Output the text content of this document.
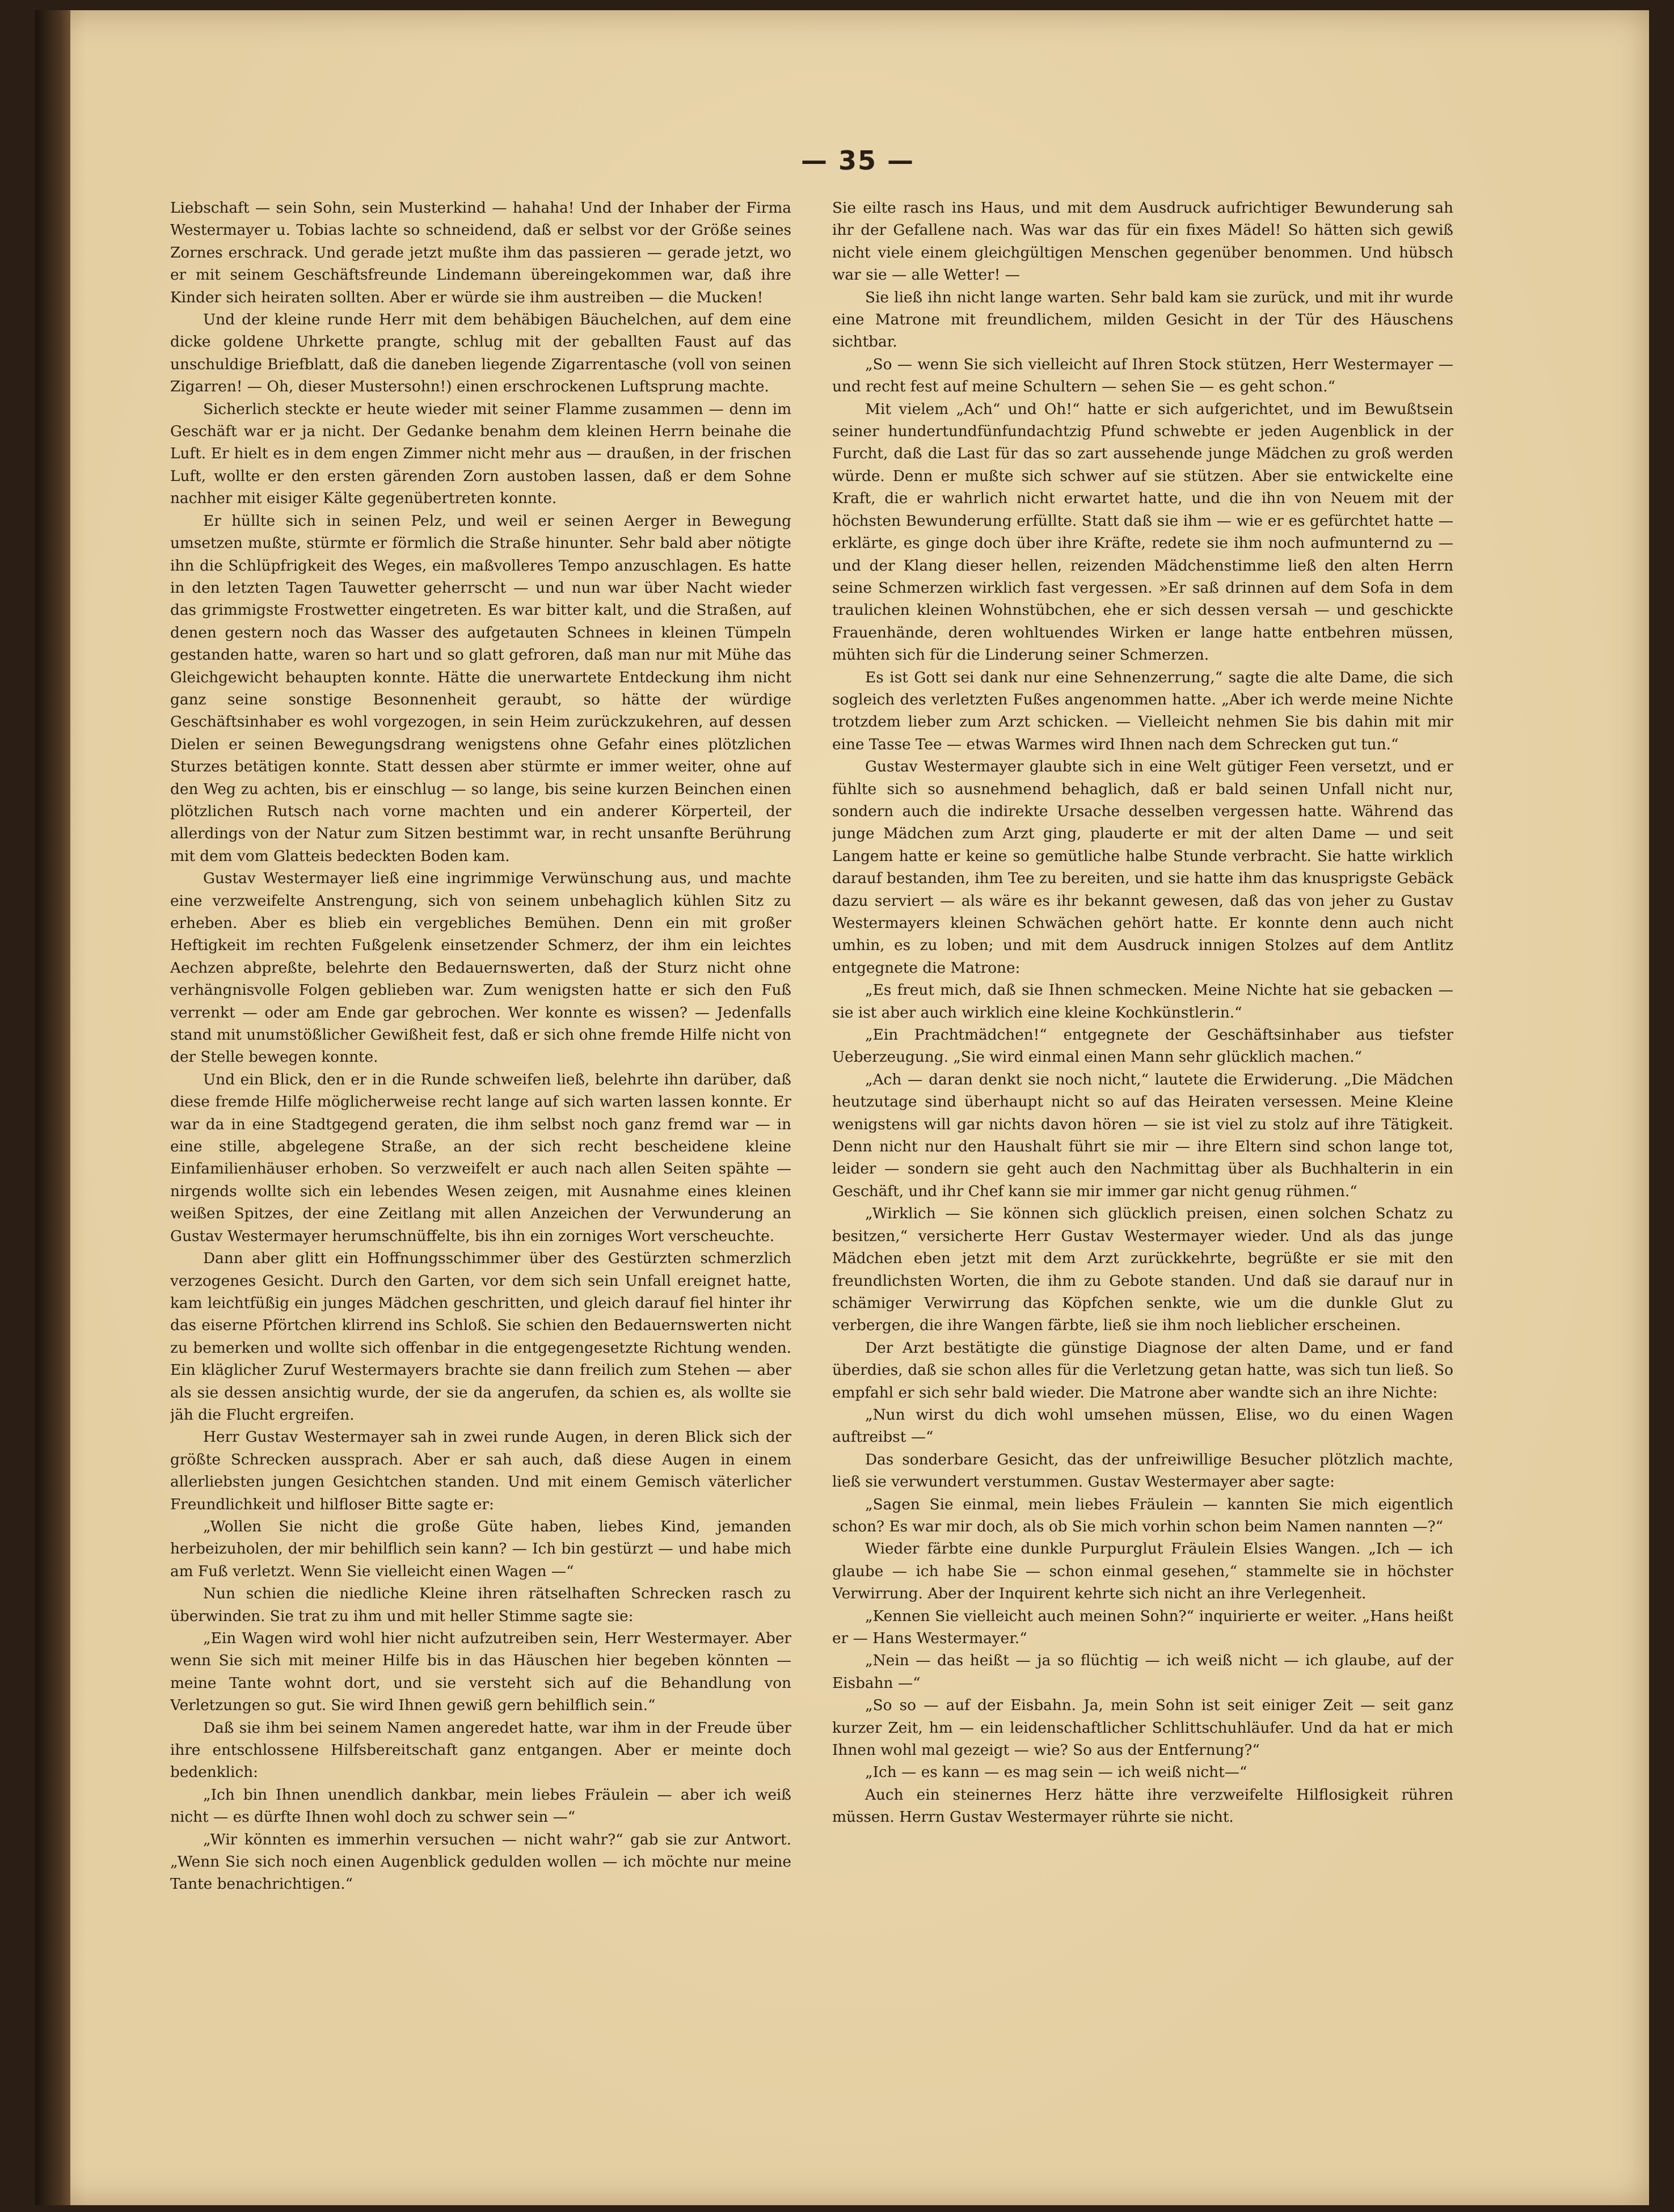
— 35 —

Liebschaft — sein Sohn, sein Musterkind — hahaha! Und der Inhaber der Firma Westermayer u. Tobias lachte so schneidend, daß er selbst vor der Größe seines Zornes erschrack. Und gerade jetzt mußte ihm das passieren — gerade jetzt, wo er mit seinem Geschäftsfreunde Lindemann übereingekommen war, daß ihre Kinder sich heiraten sollten. Aber er würde sie ihm austreiben — die Mucken!

Und der kleine runde Herr mit dem behäbigen Bäuchelchen, auf dem eine dicke goldene Uhrkette prangte, schlug mit der geballten Faust auf das unschuldige Briefblatt, daß die daneben liegende Zigarrentasche (voll von seinen Zigarren! — Oh, dieser Mustersohn!) einen erschrockenen Luftsprung machte.

Sicherlich steckte er heute wieder mit seiner Flamme zusammen — denn im Geschäft war er ja nicht. Der Gedanke benahm dem kleinen Herrn beinahe die Luft. Er hielt es in dem engen Zimmer nicht mehr aus — draußen, in der frischen Luft, wollte er den ersten gärenden Zorn austoben lassen, daß er dem Sohne nachher mit eisiger Kälte gegenübertreten konnte.

Er hüllte sich in seinen Pelz, und weil er seinen Aerger in Bewegung umsetzen mußte, stürmte er förmlich die Straße hinunter. Sehr bald aber nötigte ihn die Schlüpfrigkeit des Weges, ein maßvolleres Tempo anzuschlagen. Es hatte in den letzten Tagen Tauwetter geherrscht — und nun war über Nacht wieder das grimmigste Frostwetter eingetreten. Es war bitter kalt, und die Straßen, auf denen gestern noch das Wasser des aufgetauten Schnees in kleinen Tümpeln gestanden hatte, waren so hart und so glatt gefroren, daß man nur mit Mühe das Gleichgewicht behaupten konnte. Hätte die unerwartete Entdeckung ihm nicht ganz seine sonstige Besonnenheit geraubt, so hätte der würdige Geschäftsinhaber es wohl vorgezogen, in sein Heim zurückzukehren, auf dessen Dielen er seinen Bewegungsdrang wenigstens ohne Gefahr eines plötzlichen Sturzes betätigen konnte. Statt dessen aber stürmte er immer weiter, ohne auf den Weg zu achten, bis er einschlug — so lange, bis seine kurzen Beinchen einen plötzlichen Rutsch nach vorne machten und ein anderer Körperteil, der allerdings von der Natur zum Sitzen bestimmt war, in recht unsanfte Berührung mit dem vom Glatteis bedeckten Boden kam.

Gustav Westermayer ließ eine ingrimmige Verwünschung aus, und machte eine verzweifelte Anstrengung, sich von seinem unbehaglich kühlen Sitz zu erheben. Aber es blieb ein vergebliches Bemühen. Denn ein mit großer Heftigkeit im rechten Fußgelenk einsetzender Schmerz, der ihm ein leichtes Aechzen abpreßte, belehrte den Bedauernswerten, daß der Sturz nicht ohne verhängnisvolle Folgen geblieben war. Zum wenigsten hatte er sich den Fuß verrenkt — oder am Ende gar gebrochen. Wer konnte es wissen? — Jedenfalls stand mit unumstößlicher Gewißheit fest, daß er sich ohne fremde Hilfe nicht von der Stelle bewegen konnte.

Und ein Blick, den er in die Runde schweifen ließ, belehrte ihn darüber, daß diese fremde Hilfe möglicherweise recht lange auf sich warten lassen konnte. Er war da in eine Stadtgegend geraten, die ihm selbst noch ganz fremd war — in eine stille, abgelegene Straße, an der sich recht bescheidene kleine Einfamilienhäuser erhoben. So verzweifelt er auch nach allen Seiten spähte — nirgends wollte sich ein lebendes Wesen zeigen, mit Ausnahme eines kleinen weißen Spitzes, der eine Zeitlang mit allen Anzeichen der Verwunderung an Gustav Westermayer herumschnüffelte, bis ihn ein zorniges Wort verscheuchte.

Dann aber glitt ein Hoffnungsschimmer über des Gestürzten schmerzlich verzogenes Gesicht. Durch den Garten, vor dem sich sein Unfall ereignet hatte, kam leichtfüßig ein junges Mädchen geschritten, und gleich darauf fiel hinter ihr das eiserne Pförtchen klirrend ins Schloß. Sie schien den Bedauernswerten nicht zu bemerken und wollte sich offenbar in die entgegengesetzte Richtung wenden. Ein kläglicher Zuruf Westermayers brachte sie dann freilich zum Stehen — aber als sie dessen ansichtig wurde, der sie da angerufen, da schien es, als wollte sie jäh die Flucht ergreifen.

Herr Gustav Westermayer sah in zwei runde Augen, in deren Blick sich der größte Schrecken aussprach. Aber er sah auch, daß diese Augen in einem allerliebsten jungen Gesichtchen standen. Und mit einem Gemisch väterlicher Freundlichkeit und hilfloser Bitte sagte er:

„Wollen Sie nicht die große Güte haben, liebes Kind, jemanden herbeizuholen, der mir behilflich sein kann? — Ich bin gestürzt — und habe mich am Fuß verletzt. Wenn Sie vielleicht einen Wagen —“

Nun schien die niedliche Kleine ihren rätselhaften Schrecken rasch zu überwinden. Sie trat zu ihm und mit heller Stimme sagte sie:

„Ein Wagen wird wohl hier nicht aufzutreiben sein, Herr Westermayer. Aber wenn Sie sich mit meiner Hilfe bis in das Häuschen hier begeben könnten — meine Tante wohnt dort, und sie versteht sich auf die Behandlung von Verletzungen so gut. Sie wird Ihnen gewiß gern behilflich sein.“

Daß sie ihm bei seinem Namen angeredet hatte, war ihm in der Freude über ihre entschlossene Hilfsbereitschaft ganz entgangen. Aber er meinte doch bedenklich:

„Ich bin Ihnen unendlich dankbar, mein liebes Fräulein — aber ich weiß nicht — es dürfte Ihnen wohl doch zu schwer sein —“

„Wir könnten es immerhin versuchen — nicht wahr?“ gab sie zur Antwort. „Wenn Sie sich noch einen Augenblick gedulden wollen — ich möchte nur meine Tante benachrichtigen.“

Sie eilte rasch ins Haus, und mit dem Ausdruck aufrichtiger Bewunderung sah ihr der Gefallene nach. Was war das für ein fixes Mädel! So hätten sich gewiß nicht viele einem gleichgültigen Menschen gegenüber benommen. Und hübsch war sie — alle Wetter! —

Sie ließ ihn nicht lange warten. Sehr bald kam sie zurück, und mit ihr wurde eine Matrone mit freundlichem, milden Gesicht in der Tür des Häuschens sichtbar.

„So — wenn Sie sich vielleicht auf Ihren Stock stützen, Herr Westermayer — und recht fest auf meine Schultern — sehen Sie — es geht schon.“

Mit vielem „Ach“ und Oh!“ hatte er sich aufgerichtet, und im Bewußtsein seiner hundertundfünfundachtzig Pfund schwebte er jeden Augenblick in der Furcht, daß die Last für das so zart aussehende junge Mädchen zu groß werden würde. Denn er mußte sich schwer auf sie stützen. Aber sie entwickelte eine Kraft, die er wahrlich nicht erwartet hatte, und die ihn von Neuem mit der höchsten Bewunderung erfüllte. Statt daß sie ihm — wie er es gefürchtet hatte — erklärte, es ginge doch über ihre Kräfte, redete sie ihm noch aufmunternd zu — und der Klang dieser hellen, reizenden Mädchenstimme ließ den alten Herrn seine Schmerzen wirklich fast vergessen. »Er saß drinnen auf dem Sofa in dem traulichen kleinen Wohnstübchen, ehe er sich dessen versah — und geschickte Frauenhände, deren wohltuendes Wirken er lange hatte entbehren müssen, mühten sich für die Linderung seiner Schmerzen.

Es ist Gott sei dank nur eine Sehnenzerrung,“ sagte die alte Dame, die sich sogleich des verletzten Fußes angenommen hatte. „Aber ich werde meine Nichte trotzdem lieber zum Arzt schicken. — Vielleicht nehmen Sie bis dahin mit mir eine Tasse Tee — etwas Warmes wird Ihnen nach dem Schrecken gut tun.“

Gustav Westermayer glaubte sich in eine Welt gütiger Feen versetzt, und er fühlte sich so ausnehmend behaglich, daß er bald seinen Unfall nicht nur, sondern auch die indirekte Ursache desselben vergessen hatte. Während das junge Mädchen zum Arzt ging, plauderte er mit der alten Dame — und seit Langem hatte er keine so gemütliche halbe Stunde verbracht. Sie hatte wirklich darauf bestanden, ihm Tee zu bereiten, und sie hatte ihm das knusprigste Gebäck dazu serviert — als wäre es ihr bekannt gewesen, daß das von jeher zu Gustav Westermayers kleinen Schwächen gehört hatte. Er konnte denn auch nicht umhin, es zu loben; und mit dem Ausdruck innigen Stolzes auf dem Antlitz entgegnete die Matrone:

„Es freut mich, daß sie Ihnen schmecken. Meine Nichte hat sie gebacken — sie ist aber auch wirklich eine kleine Kochkünstlerin.“

„Ein Prachtmädchen!“ entgegnete der Geschäftsinhaber aus tiefster Ueberzeugung. „Sie wird einmal einen Mann sehr glücklich machen.“

„Ach — daran denkt sie noch nicht,“ lautete die Erwiderung. „Die Mädchen heutzutage sind überhaupt nicht so auf das Heiraten versessen. Meine Kleine wenigstens will gar nichts davon hören — sie ist viel zu stolz auf ihre Tätigkeit. Denn nicht nur den Haushalt führt sie mir — ihre Eltern sind schon lange tot, leider — sondern sie geht auch den Nachmittag über als Buchhalterin in ein Geschäft, und ihr Chef kann sie mir immer gar nicht genug rühmen.“

„Wirklich — Sie können sich glücklich preisen, einen solchen Schatz zu besitzen,“ versicherte Herr Gustav Westermayer wieder. Und als das junge Mädchen eben jetzt mit dem Arzt zurückkehrte, begrüßte er sie mit den freundlichsten Worten, die ihm zu Gebote standen. Und daß sie darauf nur in schämiger Verwirrung das Köpfchen senkte, wie um die dunkle Glut zu verbergen, die ihre Wangen färbte, ließ sie ihm noch lieblicher erscheinen.

Der Arzt bestätigte die günstige Diagnose der alten Dame, und er fand überdies, daß sie schon alles für die Verletzung getan hatte, was sich tun ließ. So empfahl er sich sehr bald wieder. Die Matrone aber wandte sich an ihre Nichte:

„Nun wirst du dich wohl umsehen müssen, Elise, wo du einen Wagen auftreibst —“

Das sonderbare Gesicht, das der unfreiwillige Besucher plötzlich machte, ließ sie verwundert verstummen. Gustav Westermayer aber sagte:

„Sagen Sie einmal, mein liebes Fräulein — kannten Sie mich eigentlich schon? Es war mir doch, als ob Sie mich vorhin schon beim Namen nannten —?“

Wieder färbte eine dunkle Purpurglut Fräulein Elsies Wangen. „Ich — ich glaube — ich habe Sie — schon einmal gesehen,“ stammelte sie in höchster Verwirrung. Aber der Inquirent kehrte sich nicht an ihre Verlegenheit.

„Kennen Sie vielleicht auch meinen Sohn?“ inquirierte er weiter. „Hans heißt er — Hans Westermayer.“

„Nein — das heißt — ja so flüchtig — ich weiß nicht — ich glaube, auf der Eisbahn —“

„So so — auf der Eisbahn. Ja, mein Sohn ist seit einiger Zeit — seit ganz kurzer Zeit, hm — ein leidenschaftlicher Schlittschuhläufer. Und da hat er mich Ihnen wohl mal gezeigt — wie? So aus der Entfernung?“

„Ich — es kann — es mag sein — ich weiß nicht—“

Auch ein steinernes Herz hätte ihre verzweifelte Hilflosigkeit rühren müssen. Herrn Gustav Westermayer rührte sie nicht.
